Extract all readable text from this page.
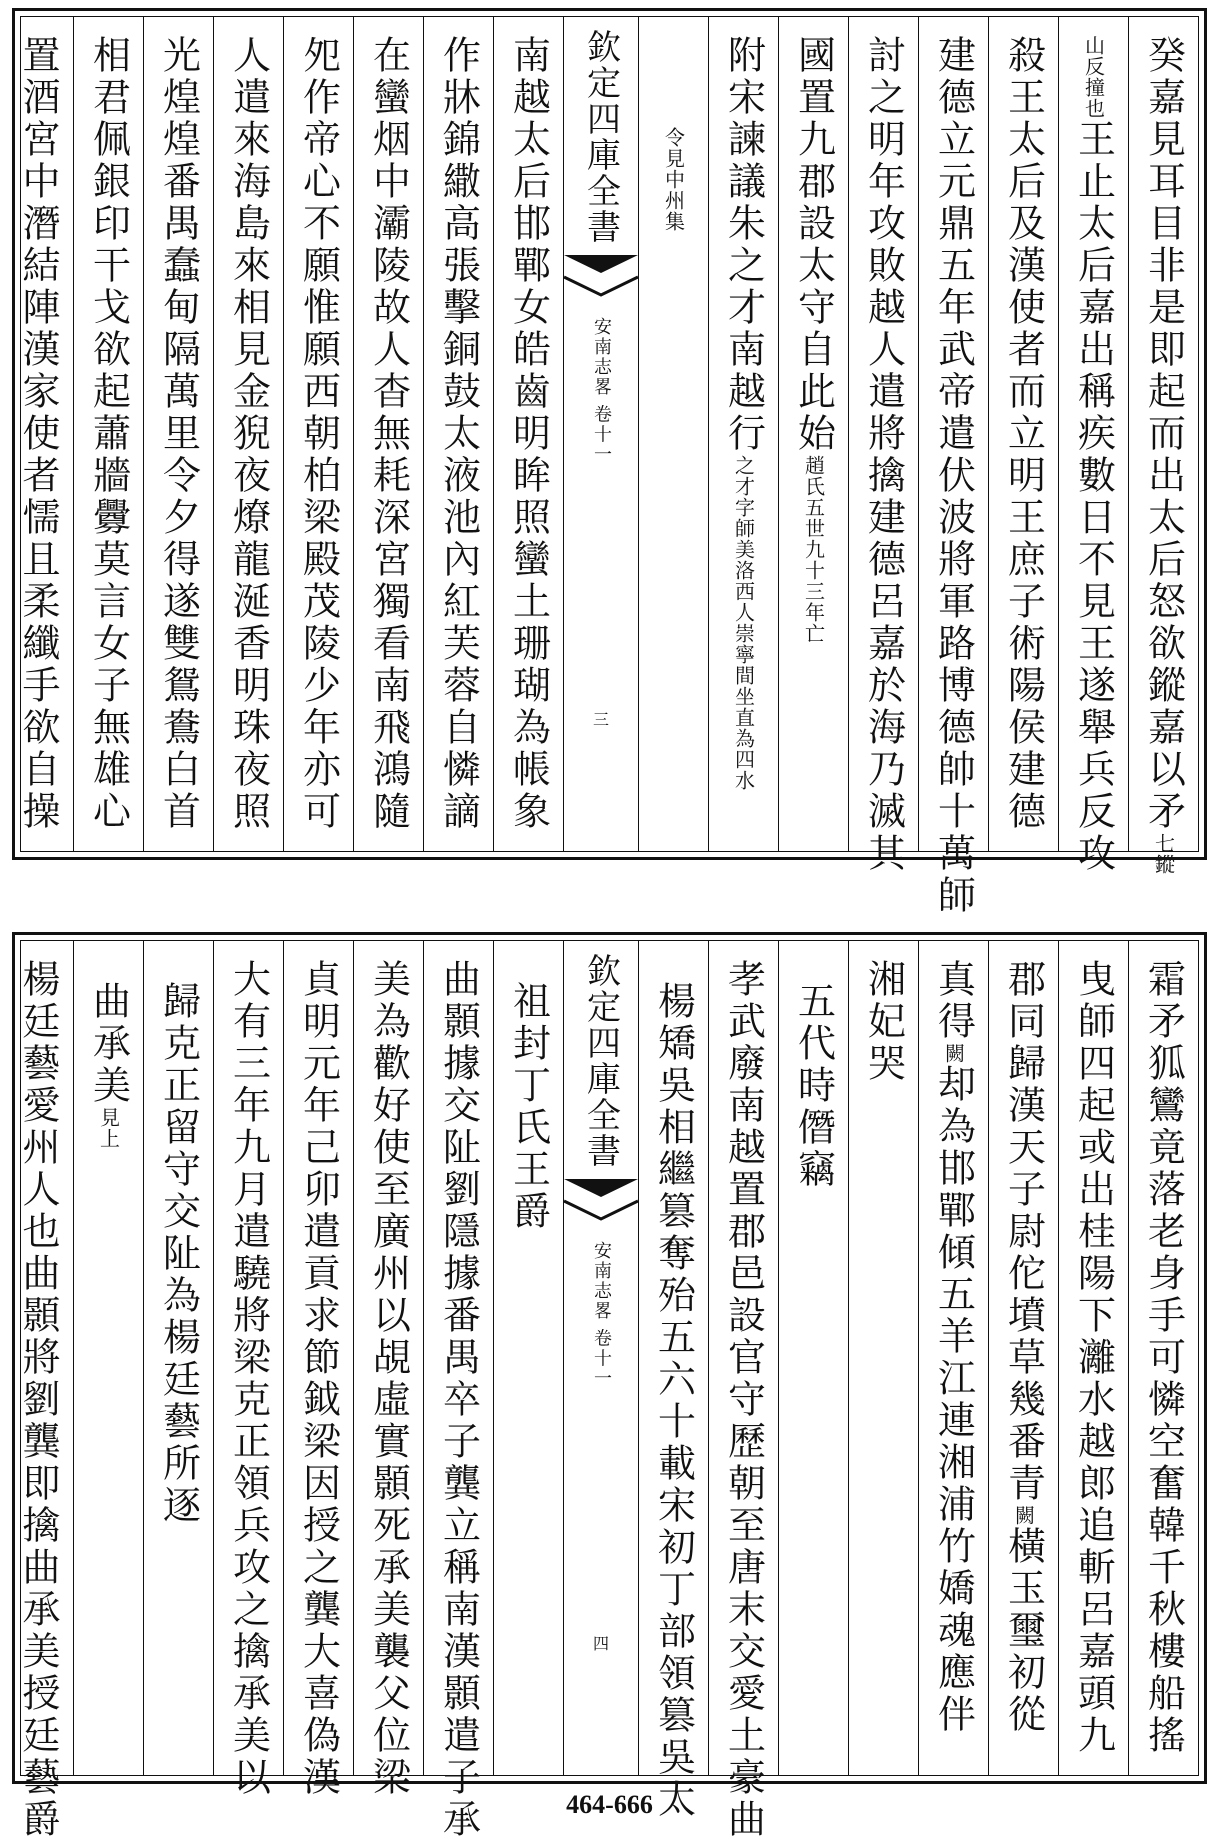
癸嘉見耳目非是即起而出太后怒欲鏦嘉以矛七鏦
山反撞也王止太后嘉出稱疾數日不見王遂舉兵反攻
殺王太后及漢使者而立明王庶子術陽侯建德
建德立元鼎五年武帝遣伏波將軍路博德帥十萬師
討之明年攻敗越人遣將擒建德呂嘉於海乃滅其
國置九郡設太守自此始趙氏五世九十三年亡
附宋諫議朱之才南越行之才字師美洛西人崇寧間坐直為四水
令見中州集
欽定四庫全書
安南志畧 卷十一
三
南越太后邯鄲女皓齒明眸照蠻土珊瑚為帳象
作牀錦繖高張擊銅鼓太液池內紅芙蓉自憐謫
在蠻烟中灞陵故人杳無耗深宮獨看南飛鴻隨
夗作帝心不願惟願西朝柏梁殿茂陵少年亦可
人遣來海島來相見金猊夜燎龍涎香明珠夜照
光煌煌番禺蠢甸隔萬里令夕得遂雙鴛鴦白首
相君佩銀印干戈欲起蕭牆釁莫言女子無雄心
置酒宮中潛結陣漢家使者懦且柔纖手欲自操
霜矛狐鸞竟落老身手可憐空奮韓千秋樓船搖
曳師四起或出桂陽下灕水越郎追斬呂嘉頭九
郡同歸漢天子尉佗墳草幾番青闕橫玉璽初從
真得闕却為邯鄲傾五羊江連湘浦竹嬌魂應伴
湘妃哭
五代時僭竊
孝武廢南越置郡邑設官守歷朝至唐末交愛土豪曲
楊矯吳相繼篡奪殆五六十載宋初丁部領篡吳太
欽定四庫全書
安南志畧 卷十一
四
祖封丁氏王爵
曲顥據交阯劉隱據番禺卒子龔立稱南漢顥遣子承
美為歡好使至廣州以覘虛實顥死承美襲父位梁
貞明元年己卯遣貢求節鉞梁因授之龔大喜偽漢
大有三年九月遣驍將梁克正領兵攻之擒承美以
歸克正留守交阯為楊廷藝所逐
曲承美見上
楊廷藝愛州人也曲顥將劉龔即擒曲承美授廷藝爵	464-666
